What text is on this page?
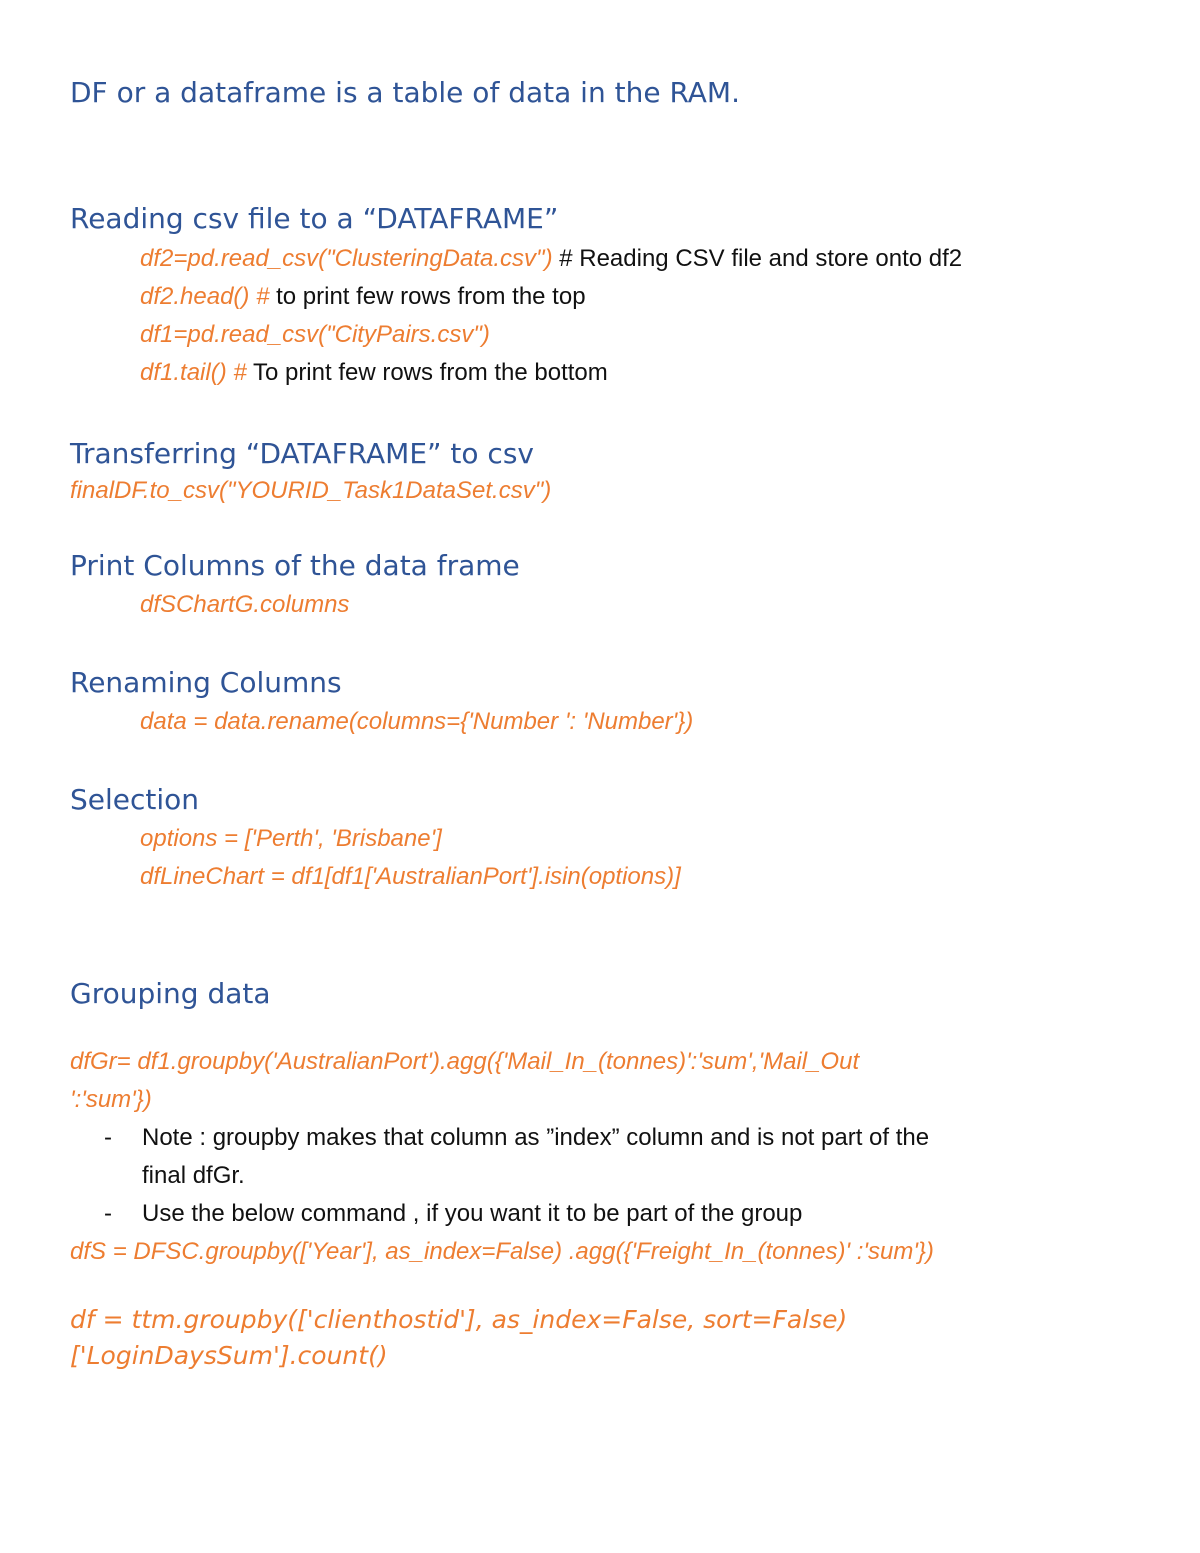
DF or a dataframe is a table of data in the RAM.
Reading csv file to a “DATAFRAME”
df2=pd.read_csv("ClusteringData.csv") # Reading CSV file and store onto df2
df2.head() # to print few rows from the top
df1=pd.read_csv("CityPairs.csv")
df1.tail() # To print few rows from the bottom
Transferring “DATAFRAME” to csv
finalDF.to_csv("YOURID_Task1DataSet.csv")
Print Columns of the data frame
dfSChartG.columns
Renaming Columns
data = data.rename(columns={'Number ': 'Number'})
Selection
options = ['Perth', 'Brisbane']
dfLineChart = df1[df1['AustralianPort'].isin(options)]
Grouping data
dfGr= df1.groupby('AustralianPort').agg({'Mail_In_(tonnes)':'sum','Mail_Out
':'sum'})
- Note : groupby makes that column as ”index” column and is not part of the
final dfGr.
- Use the below command , if you want it to be part of the group
dfS = DFSC.groupby(['Year'], as_index=False) .agg({'Freight_In_(tonnes)' :'sum'})
df = ttm.groupby(['clienthostid'], as_index=False, sort=False)
['LoginDaysSum'].count()
